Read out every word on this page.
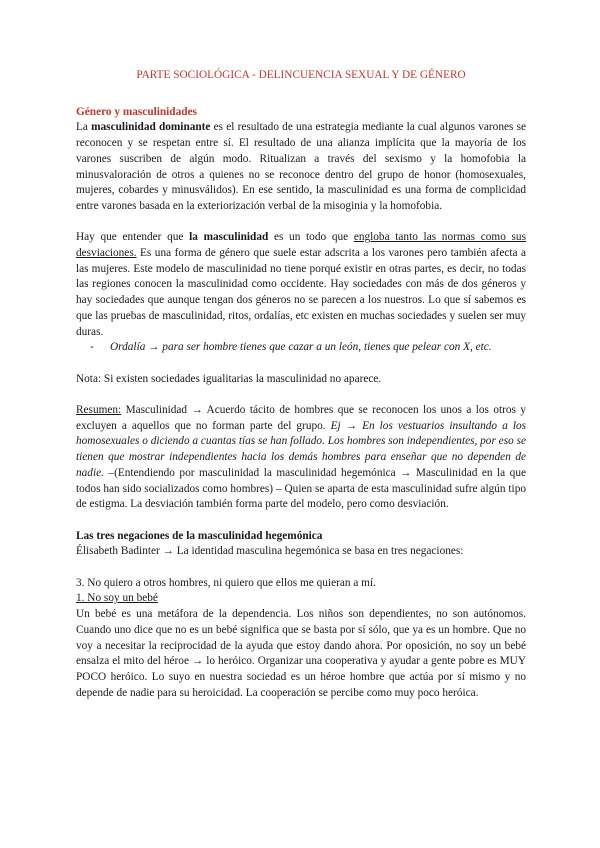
PARTE SOCIOLÓGICA - DELINCUENCIA SEXUAL Y DE GÉNERO

Género y masculinidades

La masculinidad dominante es el resultado de una estrategia mediante la cual algunos varones se reconocen y se respetan entre sí. El resultado de una alianza implícita que la mayoría de los varones suscriben de algún modo. Ritualizan a través del sexismo y la homofobia la minusvaloración de otros a quienes no se reconoce dentro del grupo de honor (homosexuales, mujeres, cobardes y minusválidos). En ese sentido, la masculinidad es una forma de complicidad entre varones basada en la exteriorización verbal de la misoginia y la homofobia.

Hay que entender que la masculinidad es un todo que engloba tanto las normas como sus desviaciones. Es una forma de género que suele estar adscrita a los varones pero también afecta a las mujeres. Este modelo de masculinidad no tiene porqué existir en otras partes, es decir, no todas las regiones conocen la masculinidad como occidente. Hay sociedades con más de dos géneros y hay sociedades que aunque tengan dos géneros no se parecen a los nuestros. Lo que sí sabemos es que las pruebas de masculinidad, ritos, ordalías, etc existen en muchas sociedades y suelen ser muy duras.

-	Ordalía → para ser hombre tienes que cazar a un león, tienes que pelear con X, etc.

Nota: Si existen sociedades igualitarias la masculinidad no aparece.

Resumen: Masculinidad → Acuerdo tácito de hombres que se reconocen los unos a los otros y excluyen a aquellos que no forman parte del grupo. Ej → En los vestuarios insultando a los homosexuales o diciendo a cuantas tías se han follado. Los hombres son independientes, por eso se tienen que mostrar independientes hacia los demás hombres para enseñar que no dependen de nadie. –(Entendiendo por masculinidad la masculinidad hegemónica → Masculinidad en la que todos han sido socializados como hombres) – Quien se aparta de esta masculinidad sufre algún tipo de estigma. La desviación también forma parte del modelo, pero como desviación.

Las tres negaciones de la masculinidad hegemónica

Élisabeth Badinter → La identidad masculina hegemónica se basa en tres negaciones:

3. No quiero a otros hombres, ni quiero que ellos me quieran a mí.

1. No soy un bebé

Un bebé es una metáfora de la dependencia. Los niños son dependientes, no son autónomos. Cuando uno dice que no es un bebé significa que se basta por sí sólo, que ya es un hombre. Que no voy a necesitar la reciprocidad de la ayuda que estoy dando ahora. Por oposición, no soy un bebé ensalza el mito del héroe → lo heróico. Organizar una cooperativa y ayudar a gente pobre es MUY POCO heróico. Lo suyo en nuestra sociedad es un héroe hombre que actúa por sí mismo y no depende de nadie para su heroicidad. La cooperación se percibe como muy poco heróica.
